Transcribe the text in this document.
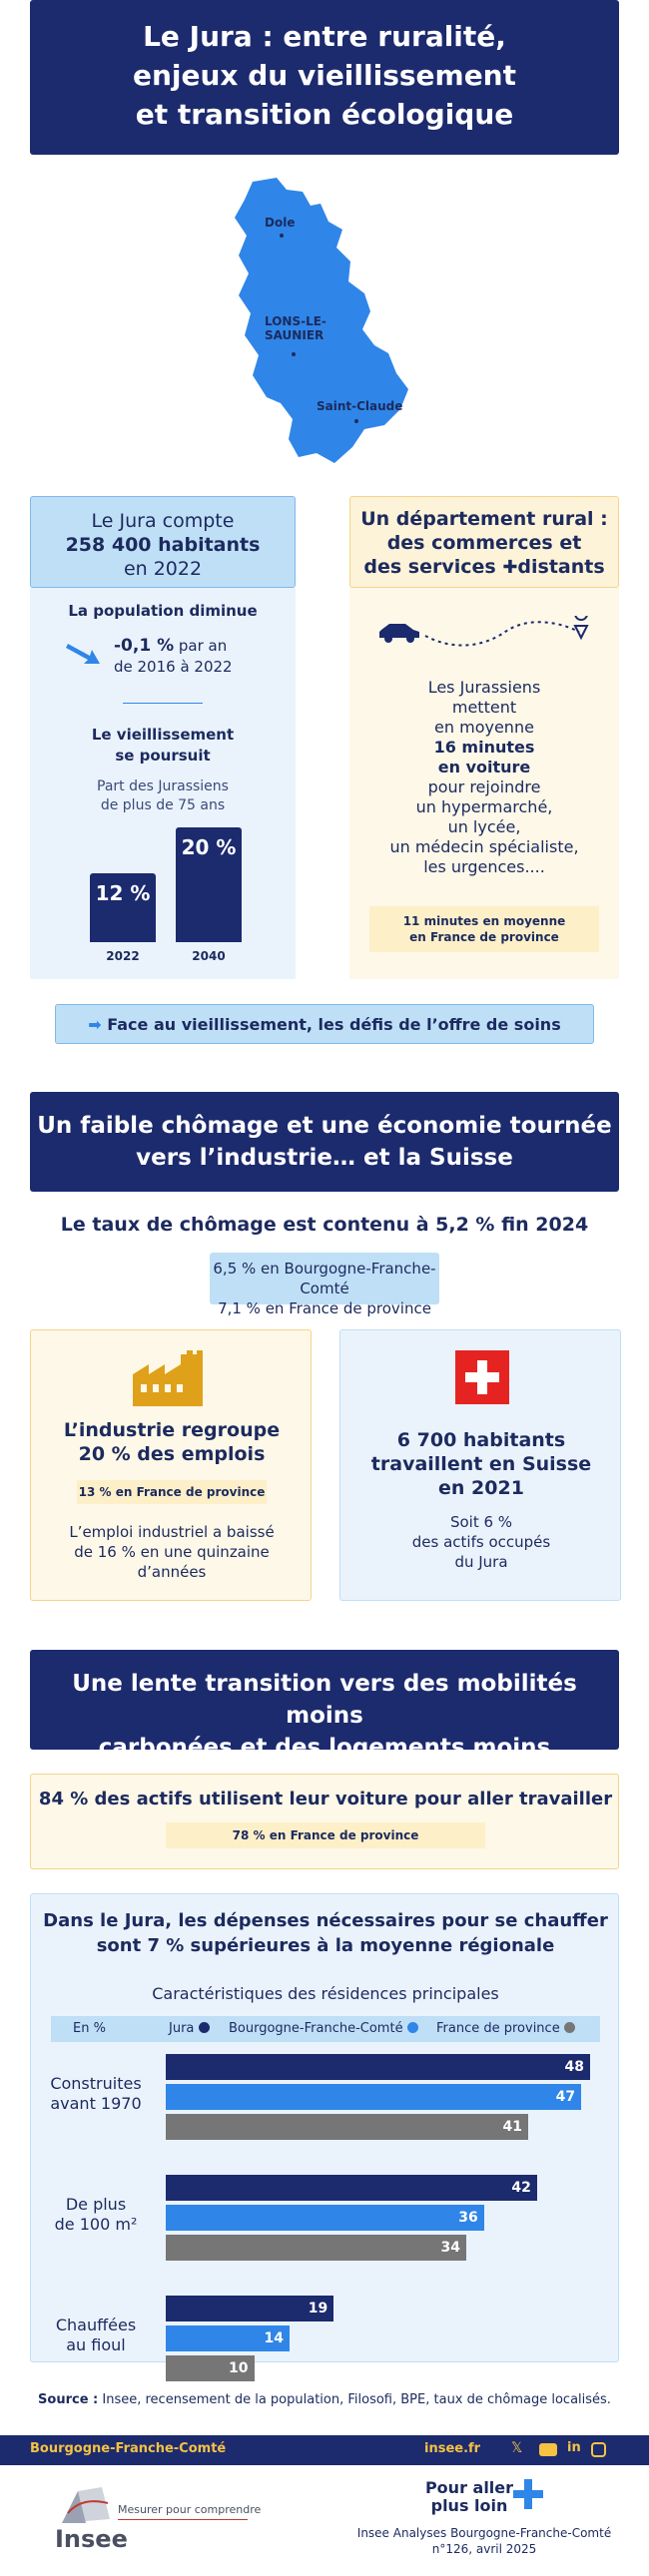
Le Jura : entre ruralité,
enjeux du vieillissement
et transition écologique
Dole
LONS-LE-SAUNIER
Saint-Claude
Le Jura compte
258 400 habitants
en 2022
La population diminue
-0,1 % par an
de 2016 à 2022
Le vieillissement
se poursuit
Part des Jurassiens
de plus de 75 ans
12 %
20 %
2022	2040
Un département rural :
des commerces et
des services ✚distants
Les Jurassiens
mettent
en moyenne
16 minutes
en voiture
pour rejoindre
un hypermarché,
un lycée,
un médecin spécialiste,
les urgences....
11 minutes en moyenne
en France de province
➡ Face au vieillissement, les défis de l’offre de soins
Un faible chômage et une économie tournée
vers l’industrie… et la Suisse
Le taux de chômage est contenu à 5,2 % fin 2024
6,5 % en Bourgogne-Franche-Comté
7,1 % en France de province
L’industrie regroupe
20 % des emplois
13 % en France de province
L’emploi industriel a baissé
de 16 % en une quinzaine
d’années
6 700 habitants
travaillent en Suisse
en 2021
Soit 6 %
des actifs occupés
du Jura
Une lente transition vers des mobilités moins
carbonées et des logements moins
84 % des actifs utilisent leur voiture pour aller travailler
78 % en France de province
Dans le Jura, les dépenses nécessaires pour se chauffer
sont 7 % supérieures à la moyenne régionale
Caractéristiques des résidences principales
En %	Jura	Bourgogne-Franche-Comté	France de province
Construites
avant 1970
48
47
41
De plus
de 100 m²
42
36
34
Chauffées
au fioul
19
14
10
Source : Insee, recensement de la population, Filosofi, BPE, taux de chômage localisés.
Bourgogne-Franche-Comté	insee.fr 𝕏	in
Insee
Mesurer pour comprendre
Pour aller
plus loin
Insee Analyses Bourgogne-Franche-Comté
n°126, avril 2025
